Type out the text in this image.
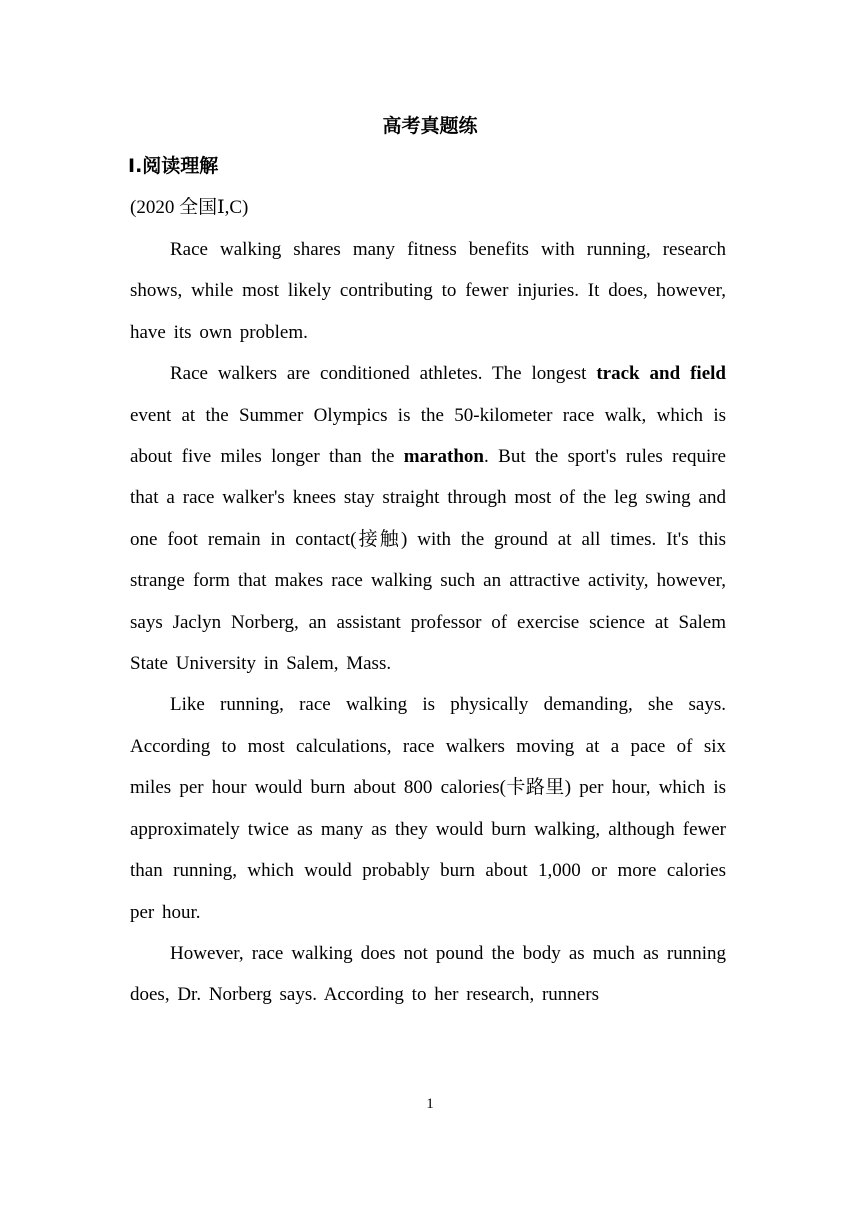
高考真题练
Ⅰ.阅读理解
(2020 全国Ⅰ,C)

Race walking shares many fitness benefits with running, research shows, while most likely contributing to fewer injuries. It does, however, have its own problem.

Race walkers are conditioned athletes. The longest track and field event at the Summer Olympics is the 50-kilometer race walk, which is about five miles longer than the marathon. But the sport's rules require that a race walker's knees stay straight through most of the leg swing and one foot remain in contact(接触) with the ground at all times. It's this strange form that makes race walking such an attractive activity, however, says Jaclyn Norberg, an assistant professor of exercise science at Salem State University in Salem, Mass.

Like running, race walking is physically demanding, she says. According to most calculations, race walkers moving at a pace of six miles per hour would burn about 800 calories(卡路里) per hour, which is approximately twice as many as they would burn walking, although fewer than running, which would probably burn about 1,000 or more calories per hour.

However, race walking does not pound the body as much as running does, Dr. Norberg says. According to her research, runners

1
